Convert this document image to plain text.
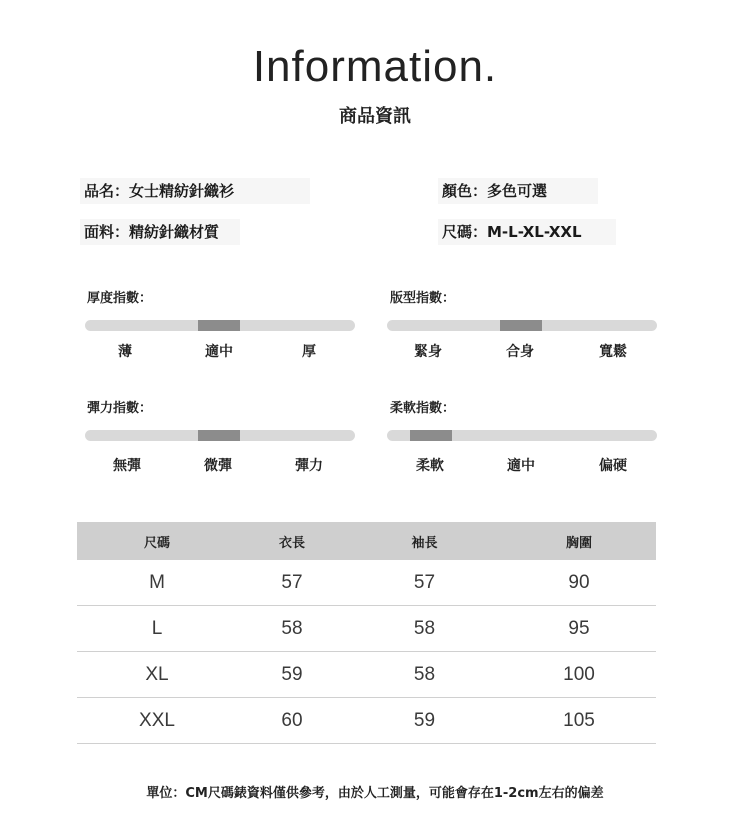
Information.
商品資訊
品名：女士精紡針織衫	顏色：多色可選
面料：精紡針織材質	尺碼：M-L-XL-XXL
厚度指數：
薄	適中	厚
版型指數：
緊身	合身	寬鬆
彈力指數：
無彈	微彈	彈力
柔軟指數：
柔軟	適中	偏硬
尺碼	衣長	袖長	胸圍
M	57	57	90
L	58	58	95
XL	59	58	100
XXL	60	59	105
單位：CM尺碼錶資料僅供參考，由於人工測量，可能會存在1-2cm左右的偏差
